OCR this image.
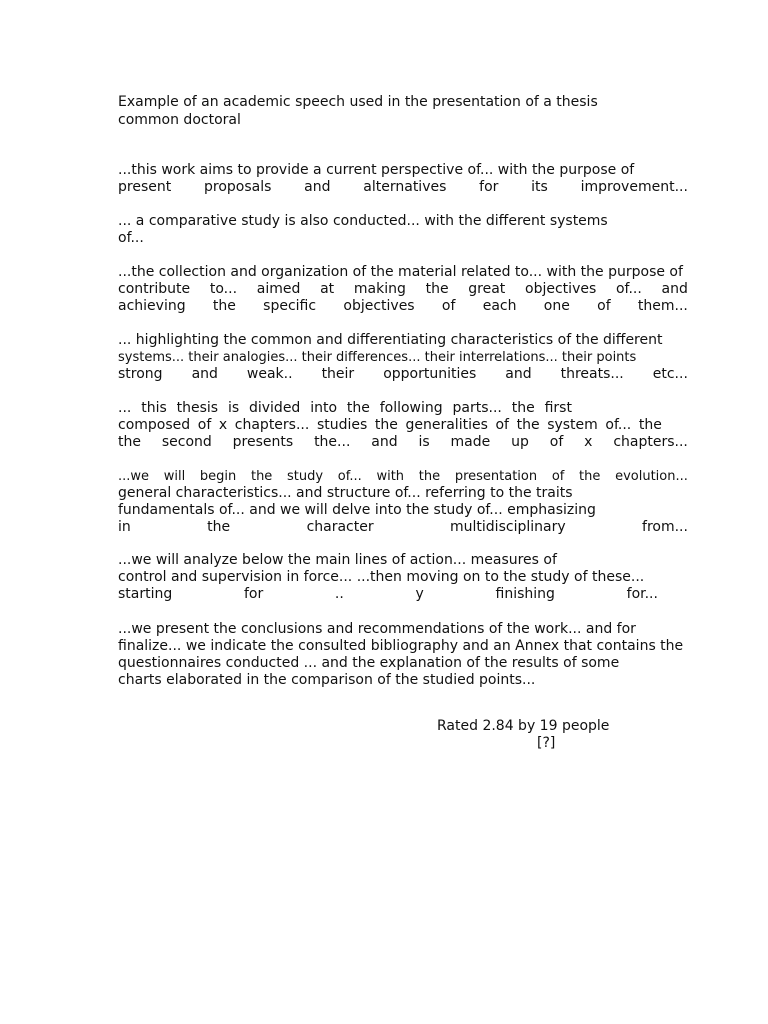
Example of an academic speech used in the presentation of a thesis
common doctoral
...this work aims to provide a current perspective of... with the purpose of
present proposals and alternatives for its improvement...
... a comparative study is also conducted... with the different systems
of...
...the collection and organization of the material related to... with the purpose of
contribute to... aimed at making the great objectives of... and
achieving the specific objectives of each one of them...
... highlighting the common and differentiating characteristics of the different
systems... their analogies... their differences... their interrelations... their points
strong and weak.. their opportunities and threats... etc...
... this thesis is divided into the following parts... the first
composed of x chapters... studies the generalities of the system of... the
the second presents the... and is made up of x chapters...
...we will begin the study of... with the presentation of the evolution...
general characteristics... and structure of... referring to the traits
fundamentals of... and we will delve into the study of... emphasizing
in	the	character	multidisciplinary	from...
...we will analyze below the main lines of action... measures of
control and supervision in force... ...then moving on to the study of these...
starting	for	..	y	finishing	for...
...we present the conclusions and recommendations of the work... and for
finalize... we indicate the consulted bibliography and an Annex that contains the
questionnaires conducted ... and the explanation of the results of some
charts elaborated in the comparison of the studied points...
Rated 2.84 by 19 people
[?]
